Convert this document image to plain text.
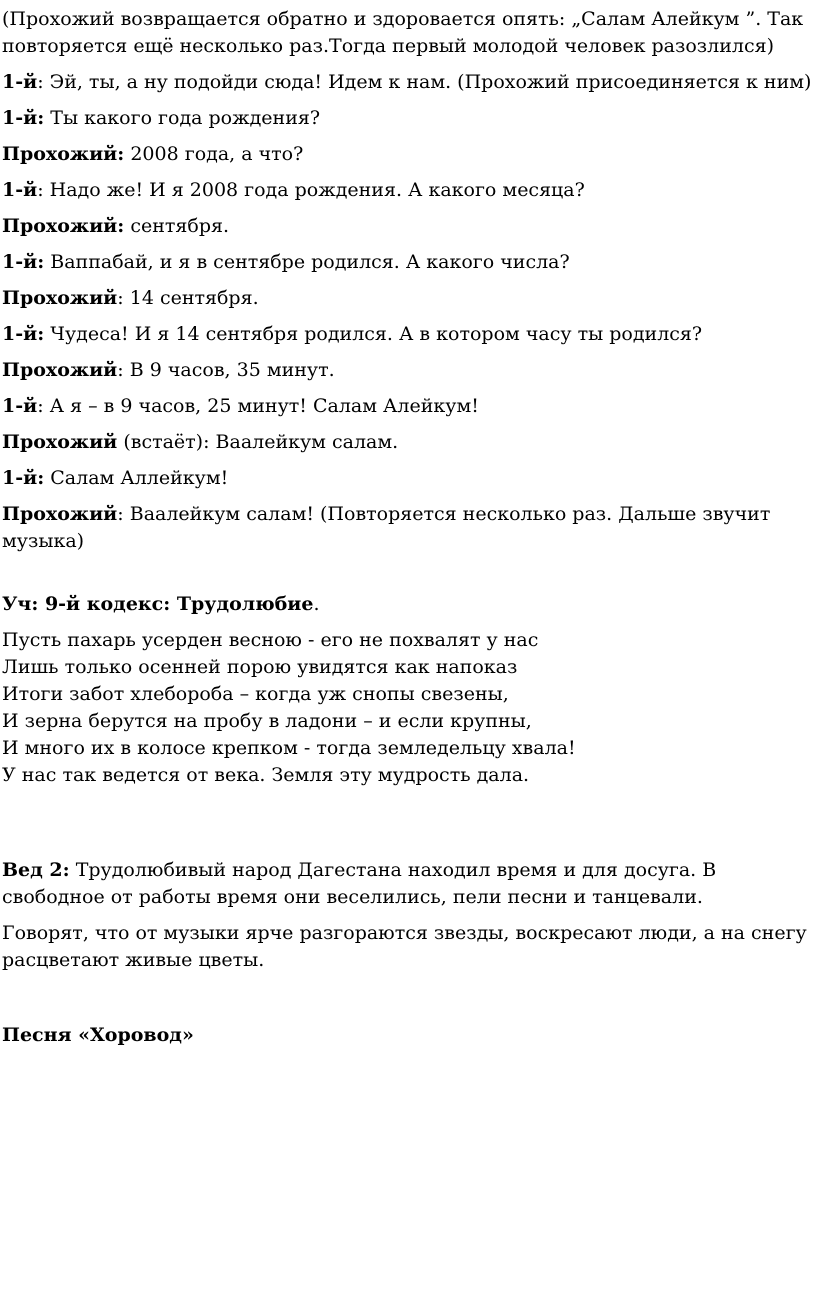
(Прохожий возвращается обратно и здоровается опять: „Салам Алейкум ”. Так повторяется ещё несколько раз.Тогда первый молодой человек разозлился)

1-й: Эй, ты, а ну подойди сюда! Идем к нам. (Прохожий присоединяется к ним)

1-й: Ты какого года рождения?

Прохожий: 2008 года, а что?

1-й: Надо же! И я 2008 года рождения. А какого месяца?

Прохожий: сентября.

1-й: Ваппабай, и я в сентябре родился. А какого числа?

Прохожий: 14 сентября.

1-й: Чудеса! И я 14 сентября родился. А в котором часу ты родился?

Прохожий: В 9 часов, 35 минут.

1-й: А я – в 9 часов, 25 минут! Салам Алейкум!

Прохожий (встаёт): Ваалейкум салам.

1-й: Салам Аллейкум!

Прохожий: Ваалейкум салам! (Повторяется несколько раз. Дальше звучит музыка)

Уч: 9-й кодекс: Трудолюбие.

Пусть пахарь усерден весною - его не похвалят у нас
Лишь только осенней порою увидятся как напоказ
Итоги забот хлебороба – когда уж снопы свезены,
И зерна берутся на пробу в ладони – и если крупны,
И много их в колосе крепком - тогда земледельцу хвала!
У нас так ведется от века. Земля эту мудрость дала.

Вед 2: Трудолюбивый народ Дагестана находил время и для досуга. В свободное от работы время они веселились, пели песни и танцевали.

Говорят, что от музыки ярче разгораются звезды, воскресают люди, а на снегу расцветают живые цветы.

Песня «Хоровод»
